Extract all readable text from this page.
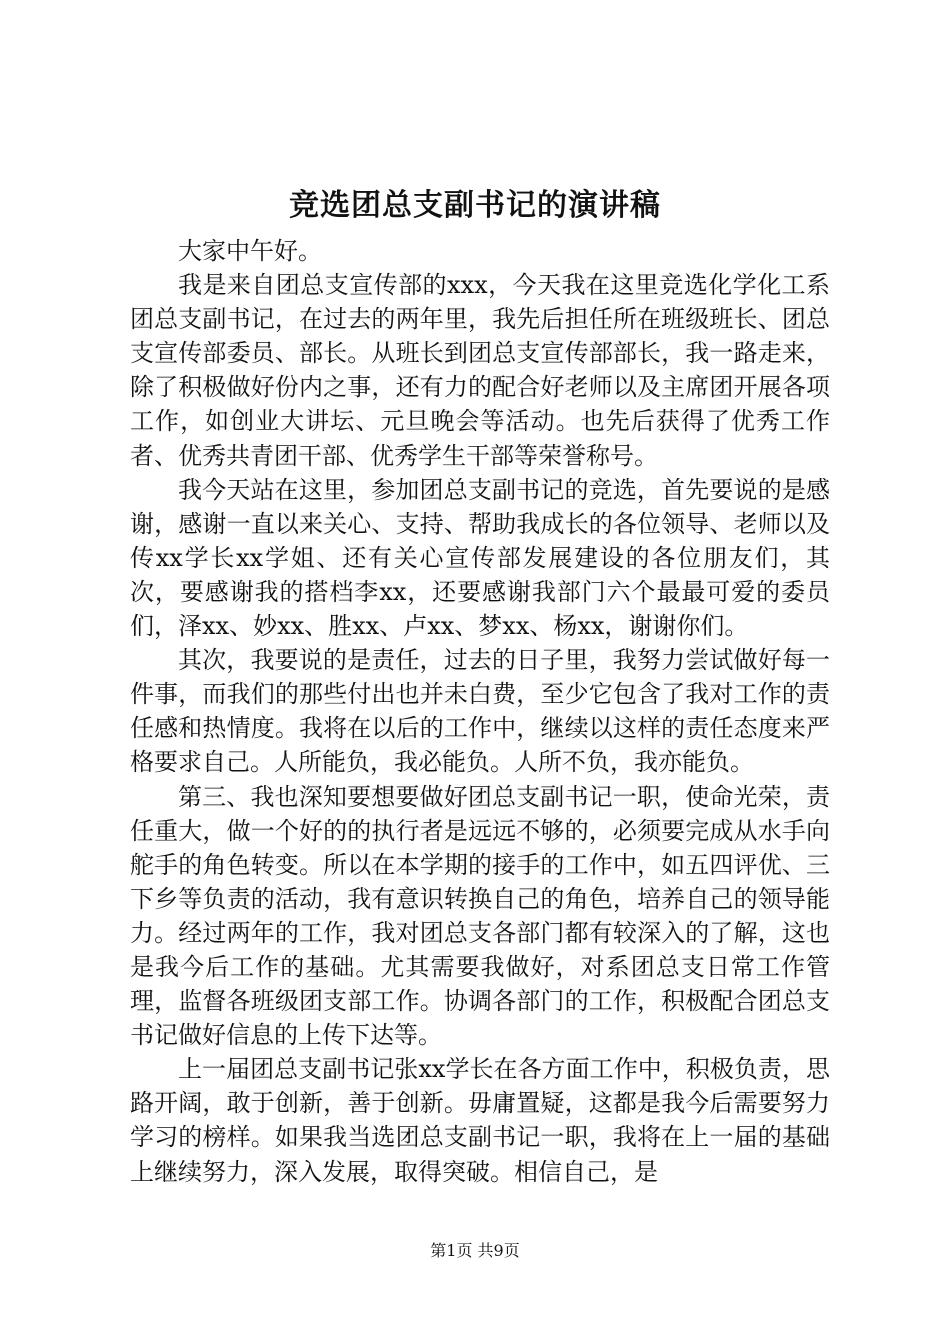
竞选团总支副书记的演讲稿

大家中午好。

我是来自团总支宣传部的xxx，今天我在这里竞选化学化工系团总支副书记，在过去的两年里，我先后担任所在班级班长、团总支宣传部委员、部长。从班长到团总支宣传部部长，我一路走来，除了积极做好份内之事，还有力的配合好老师以及主席团开展各项工作，如创业大讲坛、元旦晚会等活动。也先后获得了优秀工作者、优秀共青团干部、优秀学生干部等荣誉称号。

我今天站在这里，参加团总支副书记的竞选，首先要说的是感谢，感谢一直以来关心、支持、帮助我成长的各位领导、老师以及传xx学长xx学姐、还有关心宣传部发展建设的各位朋友们，其次，要感谢我的搭档李xx，还要感谢我部门六个最最可爱的委员们，泽xx、妙xx、胜xx、卢xx、梦xx、杨xx，谢谢你们。

其次，我要说的是责任，过去的日子里，我努力尝试做好每一件事，而我们的那些付出也并未白费，至少它包含了我对工作的责任感和热情度。我将在以后的工作中，继续以这样的责任态度来严格要求自己。人所能负，我必能负。人所不负，我亦能负。

第三、我也深知要想要做好团总支副书记一职，使命光荣，责任重大，做一个好的的执行者是远远不够的，必须要完成从水手向舵手的角色转变。所以在本学期的接手的工作中，如五四评优、三下乡等负责的活动，我有意识转换自己的角色，培养自己的领导能力。经过两年的工作，我对团总支各部门都有较深入的了解，这也是我今后工作的基础。尤其需要我做好，对系团总支日常工作管理，监督各班级团支部工作。协调各部门的工作，积极配合团总支书记做好信息的上传下达等。

上一届团总支副书记张xx学长在各方面工作中，积极负责，思路开阔，敢于创新，善于创新。毋庸置疑，这都是我今后需要努力学习的榜样。如果我当选团总支副书记一职，我将在上一届的基础上继续努力，深入发展，取得突破。相信自己，是

第1页 共9页
